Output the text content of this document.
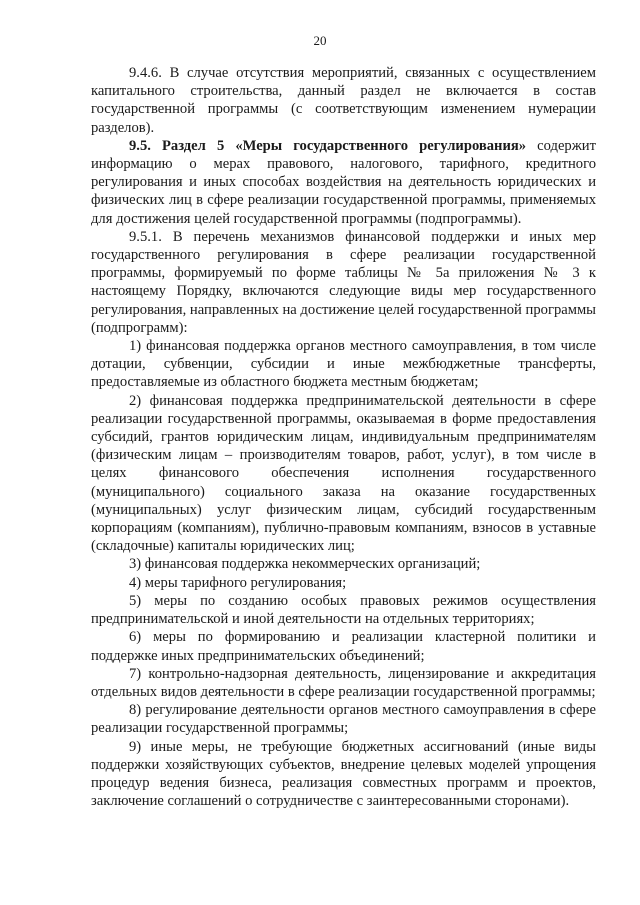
20

9.4.6. В случае отсутствия мероприятий, связанных с осуществлением капитального строительства, данный раздел не включается в состав государственной программы (с соответствующим изменением нумерации разделов).

9.5. Раздел 5 «Меры государственного регулирования» содержит информацию о мерах правового, налогового, тарифного, кредитного регулирования и иных способах воздействия на деятельность юридических и физических лиц в сфере реализации государственной программы, применяемых для достижения целей государственной программы (подпрограммы).

9.5.1. В перечень механизмов финансовой поддержки и иных мер государственного регулирования в сфере реализации государственной программы, формируемый по форме таблицы № 5а приложения № 3 к настоящему Порядку, включаются следующие виды мер государственного регулирования, направленных на достижение целей государственной программы (подпрограмм):

1) финансовая поддержка органов местного самоуправления, в том числе дотации, субвенции, субсидии и иные межбюджетные трансферты, предоставляемые из областного бюджета местным бюджетам;

2) финансовая поддержка предпринимательской деятельности в сфере реализации государственной программы, оказываемая в форме предоставления субсидий, грантов юридическим лицам, индивидуальным предпринимателям (физическим лицам – производителям товаров, работ, услуг), в том числе в целях финансового обеспечения исполнения государственного (муниципального) социального заказа на оказание государственных (муниципальных) услуг физическим лицам, субсидий государственным корпорациям (компаниям), публично-правовым компаниям, взносов в уставные (складочные) капиталы юридических лиц;

3) финансовая поддержка некоммерческих организаций;

4) меры тарифного регулирования;

5) меры по созданию особых правовых режимов осуществления предпринимательской и иной деятельности на отдельных территориях;

6) меры по формированию и реализации кластерной политики и поддержке иных предпринимательских объединений;

7) контрольно-надзорная деятельность, лицензирование и аккредитация отдельных видов деятельности в сфере реализации государственной программы;

8) регулирование деятельности органов местного самоуправления в сфере реализации государственной программы;

9) иные меры, не требующие бюджетных ассигнований (иные виды поддержки хозяйствующих субъектов, внедрение целевых моделей упрощения процедур ведения бизнеса, реализация совместных программ и проектов, заключение соглашений о сотрудничестве с заинтересованными сторонами).
